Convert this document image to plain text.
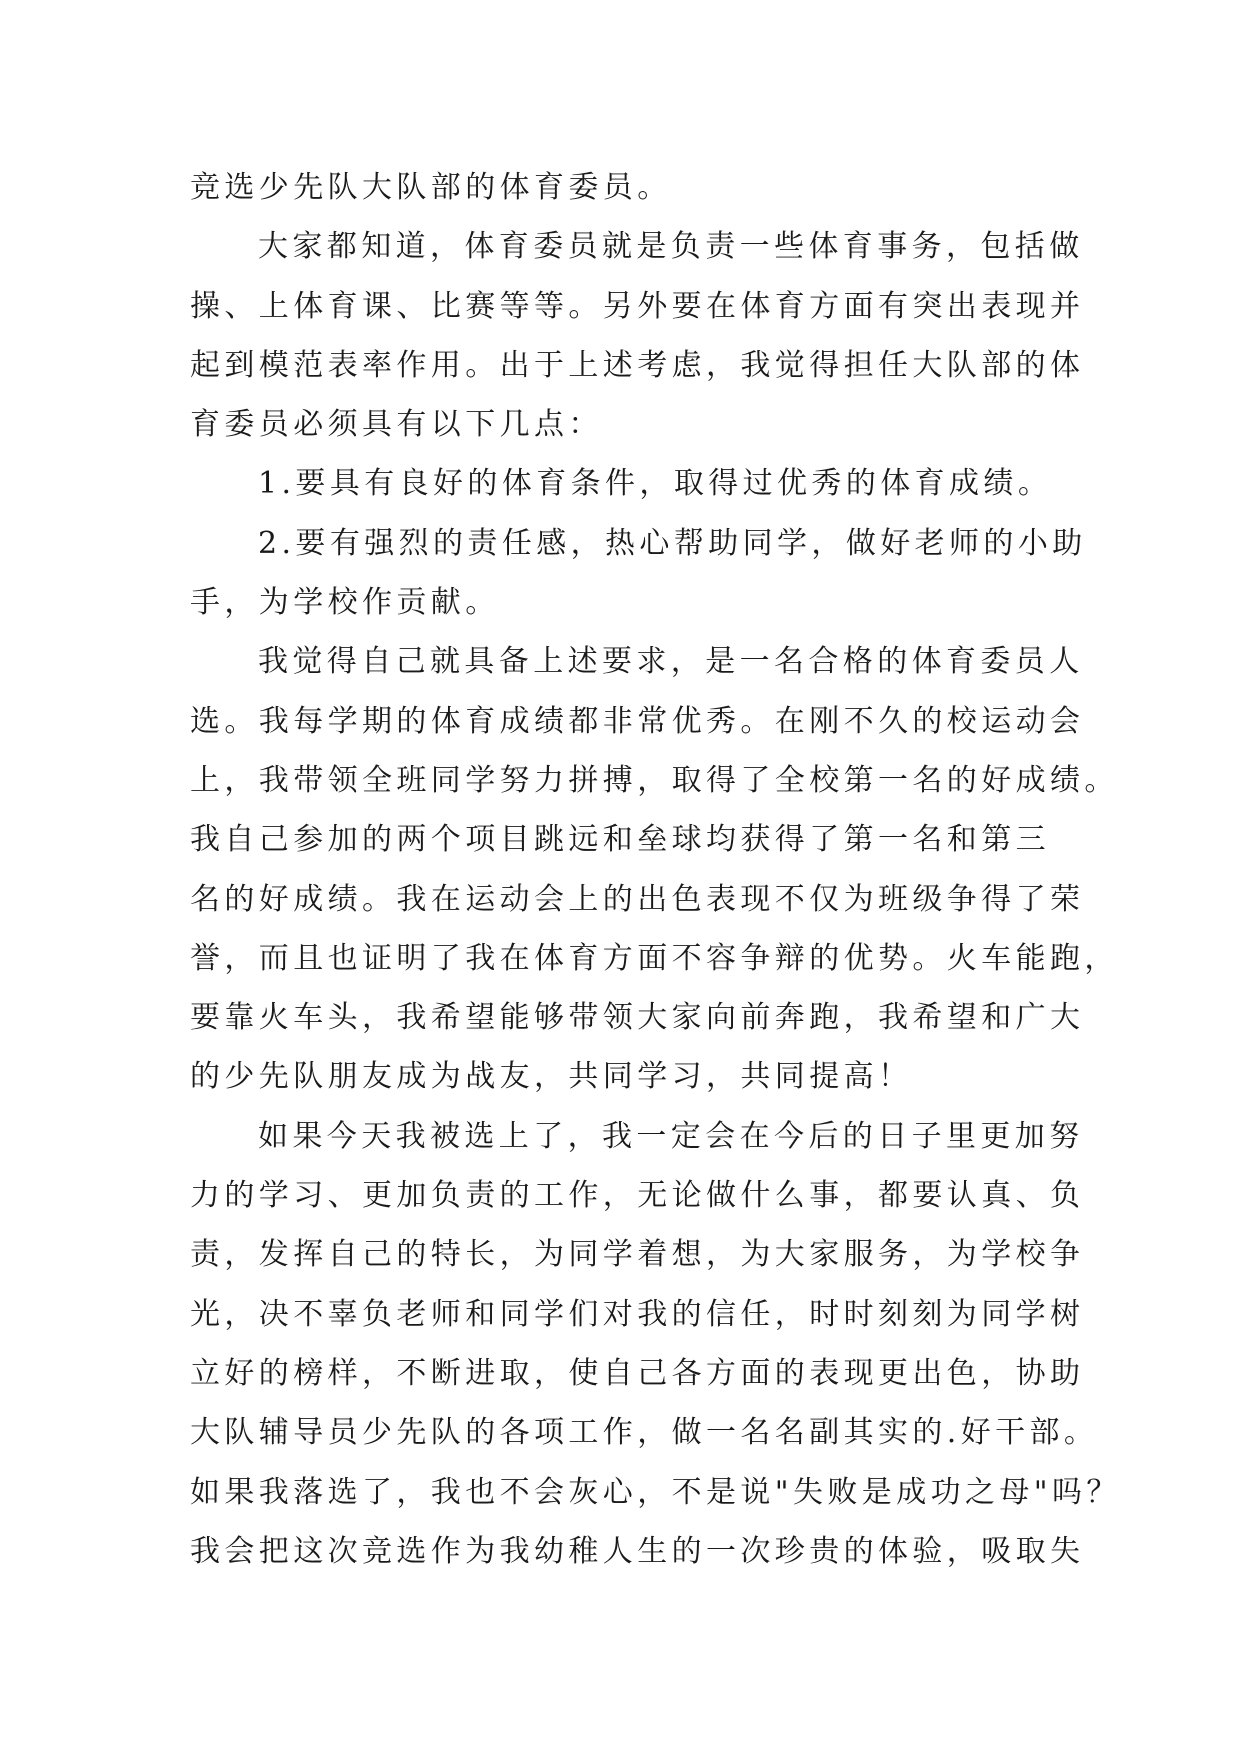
竞选少先队大队部的体育委员。
大家都知道，体育委员就是负责一些体育事务，包括做
操、上体育课、比赛等等。另外要在体育方面有突出表现并
起到模范表率作用。出于上述考虑，我觉得担任大队部的体
育委员必须具有以下几点：
1.要具有良好的体育条件，取得过优秀的体育成绩。
2.要有强烈的责任感，热心帮助同学，做好老师的小助
手，为学校作贡献。
我觉得自己就具备上述要求，是一名合格的体育委员人
选。我每学期的体育成绩都非常优秀。在刚不久的校运动会
上，我带领全班同学努力拼搏，取得了全校第一名的好成绩。
我自己参加的两个项目跳远和垒球均获得了第一名和第三
名的好成绩。我在运动会上的出色表现不仅为班级争得了荣
誉，而且也证明了我在体育方面不容争辩的优势。火车能跑，
要靠火车头，我希望能够带领大家向前奔跑，我希望和广大
的少先队朋友成为战友，共同学习，共同提高！
如果今天我被选上了，我一定会在今后的日子里更加努
力的学习、更加负责的工作，无论做什么事，都要认真、负
责，发挥自己的特长，为同学着想，为大家服务，为学校争
光，决不辜负老师和同学们对我的信任，时时刻刻为同学树
立好的榜样，不断进取，使自己各方面的表现更出色，协助
大队辅导员少先队的各项工作，做一名名副其实的.好干部。
如果我落选了，我也不会灰心，不是说"失败是成功之母"吗？
我会把这次竞选作为我幼稚人生的一次珍贵的体验，吸取失
